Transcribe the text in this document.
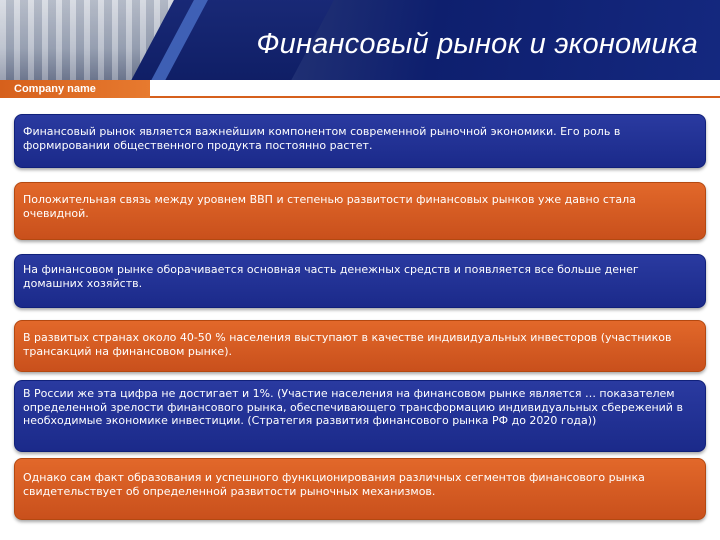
Финансовый рынок и экономика
Company name
Финансовый рынок является важнейшим компонентом современной рыночной экономики. Его роль в формировании общественного продукта постоянно растет.
Положительная связь между уровнем ВВП и степенью развитости финансовых рынков уже давно стала очевидной.
На финансовом рынке оборачивается основная часть денежных средств и появляется все больше денег домашних хозяйств.
В развитых странах около 40-50 % населения выступают в качестве индивидуальных инвесторов (участников трансакций на финансовом рынке).
В России же эта цифра не достигает и 1%. (Участие населения на финансовом рынке является … показателем определенной зрелости финансового рынка, обеспечивающего трансформацию индивидуальных сбережений в необходимые экономике инвестиции. (Стратегия развития финансового рынка РФ до 2020 года))
Однако сам факт образования и успешного функционирования различных сегментов финансового рынка свидетельствует об определенной развитости рыночных механизмов.
